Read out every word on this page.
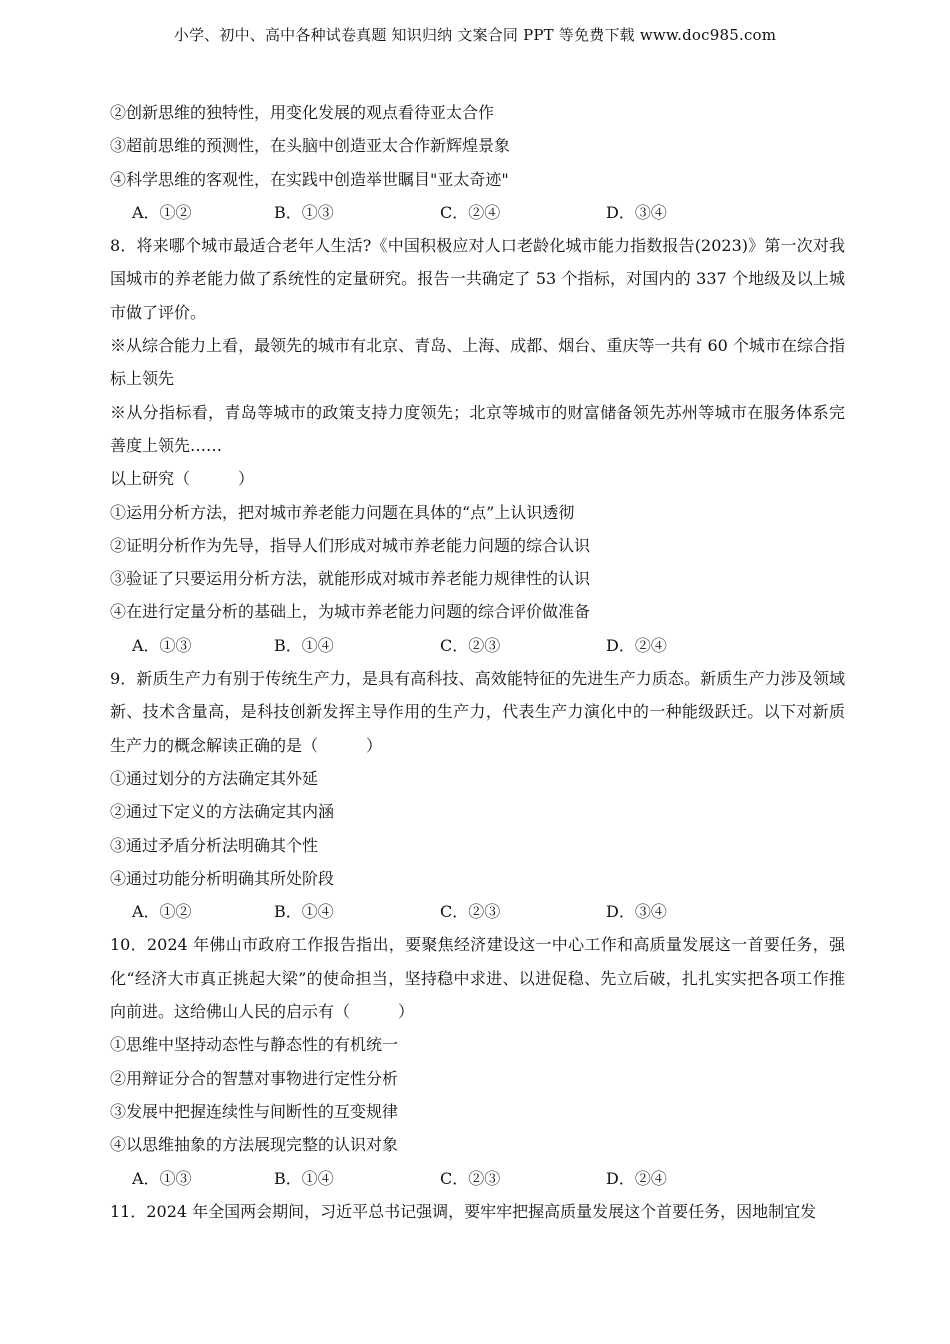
小学、初中、高中各种试卷真题 知识归纳 文案合同 PPT 等免费下载 www.doc985.com
②创新思维的独特性，用变化发展的观点看待亚太合作
③超前思维的预测性，在头脑中创造亚太合作新辉煌景象
④科学思维的客观性，在实践中创造举世瞩目"亚太奇迹"
A．①②	B．①③	C．②④	D．③④
8．将来哪个城市最适合老年人生活?《中国积极应对人口老龄化城市能力指数报告(2023)》第一次对我国城市的养老能力做了系统性的定量研究。报告一共确定了 53 个指标，对国内的 337 个地级及以上城市做了评价。
※从综合能力上看，最领先的城市有北京、青岛、上海、成都、烟台、重庆等一共有 60 个城市在综合指标上领先
※从分指标看，青岛等城市的政策支持力度领先；北京等城市的财富储备领先苏州等城市在服务体系完善度上领先……
以上研究（　　　）
①运用分析方法，把对城市养老能力问题在具体的“点”上认识透彻
②证明分析作为先导，指导人们形成对城市养老能力问题的综合认识
③验证了只要运用分析方法，就能形成对城市养老能力规律性的认识
④在进行定量分析的基础上，为城市养老能力问题的综合评价做准备
A．①③	B．①④	C．②③	D．②④
9．新质生产力有别于传统生产力，是具有高科技、高效能特征的先进生产力质态。新质生产力涉及领域新、技术含量高，是科技创新发挥主导作用的生产力，代表生产力演化中的一种能级跃迁。以下对新质生产力的概念解读正确的是（　　　）
①通过划分的方法确定其外延
②通过下定义的方法确定其内涵
③通过矛盾分析法明确其个性
④通过功能分析明确其所处阶段
A．①②	B．①④	C．②③	D．③④
10．2024 年佛山市政府工作报告指出，要聚焦经济建设这一中心工作和高质量发展这一首要任务，强化“经济大市真正挑起大梁”的使命担当，坚持稳中求进、以进促稳、先立后破，扎扎实实把各项工作推向前进。这给佛山人民的启示有（　　　）
①思维中坚持动态性与静态性的有机统一
②用辩证分合的智慧对事物进行定性分析
③发展中把握连续性与间断性的互变规律
④以思维抽象的方法展现完整的认识对象
A．①③	B．①④	C．②③	D．②④
11．2024 年全国两会期间，习近平总书记强调，要牢牢把握高质量发展这个首要任务，因地制宜发
